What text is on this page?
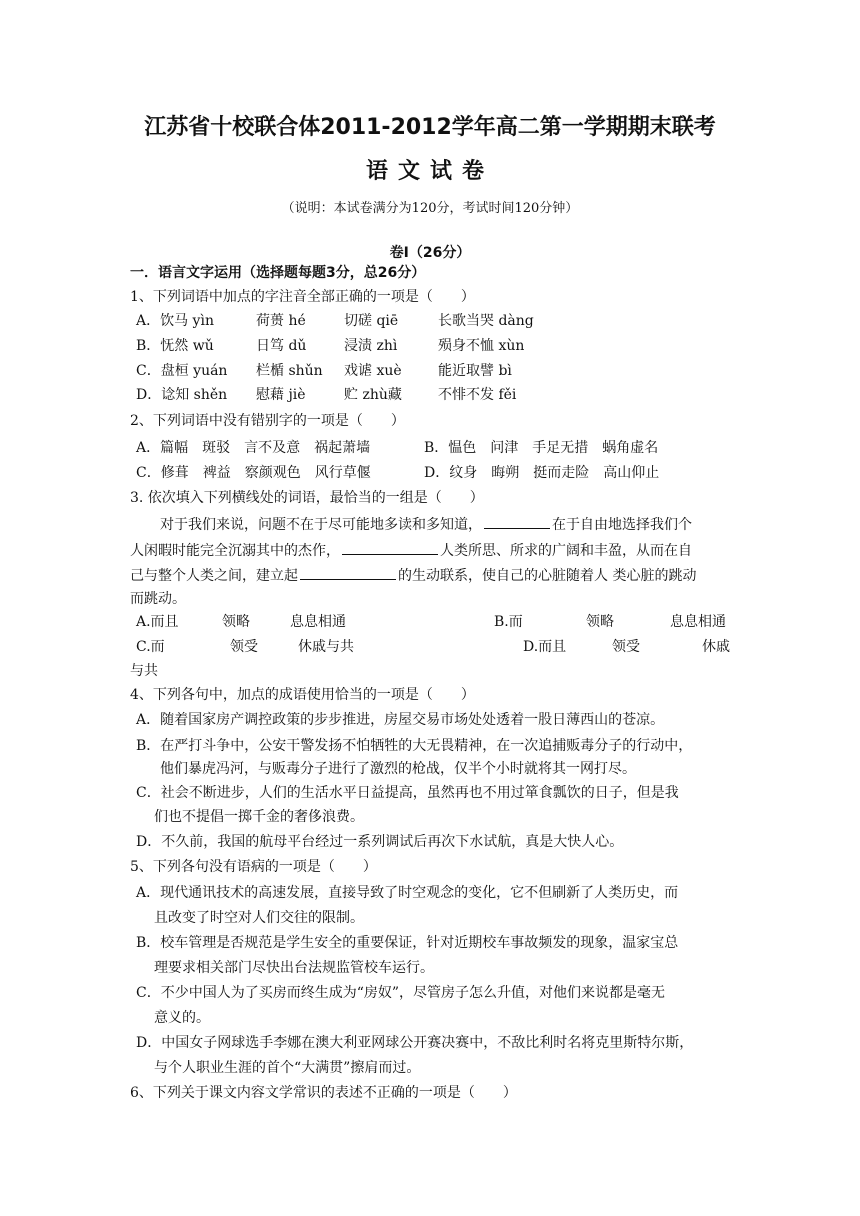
江苏省十校联合体2011-2012学年高二第一学期期末联考
语文试卷
（说明：本试卷满分为120分，考试时间120分钟）
卷Ⅰ（26分）
一．语言文字运用（选择题每题3分，总26分）
1、下列词语中加点的字注音全部正确的一项是（　　）
A．饮马 yìn	荷蒉 hé	切磋 qiē	长歌当哭 dàng
B．怃然 wǔ	日笃 dǔ	浸渍 zhì	殒身不恤 xùn
C．盘桓 yuán 栏楯 shǔn 戏谑 xuè	能近取譬 bì
D．谂知 shěn 慰藉 jiè	贮 zhù藏	不悱不发 fěi
2、下列词语中没有错别字的一项是（　　）
A．篇幅　斑驳　言不及意　祸起萧墙	B．愠色　问津　手足无措　蜗角虚名
C．修葺　裨益　察颜观色　风行草偃	D．纹身　晦朔　挺而走险　高山仰止
3. 依次填入下列横线处的词语，最恰当的一组是（　　）
对于我们来说，问题不在于尽可能地多读和多知道，	在于自由地选择我们个
人闲暇时能完全沉溺其中的杰作，	人类所思、所求的广阔和丰盈，从而在自
己与整个人类之间，建立起	的生动联系，使自己的心脏随着人 类心脏的跳动
而跳动。
A.而且	领略	息息相通	B.而	领略	息息相通
C.而	领受	休戚与共	D.而且	领受	休戚
与共
4、下列各句中，加点的成语使用恰当的一项是（　　）
A．随着国家房产调控政策的步步推进，房屋交易市场处处透着一股日薄西山的苍凉。
B．在严打斗争中，公安干警发扬不怕牺牲的大无畏精神，在一次追捕贩毒分子的行动中，
他们暴虎冯河，与贩毒分子进行了激烈的枪战，仅半个小时就将其一网打尽。
C．社会不断进步，人们的生活水平日益提高，虽然再也不用过箪食瓢饮的日子，但是我
们也不提倡一掷千金的奢侈浪费。
D．不久前，我国的航母平台经过一系列调试后再次下水试航，真是大快人心。
5、下列各句没有语病的一项是（　　）
A．现代通讯技术的高速发展，直接导致了时空观念的变化，它不但刷新了人类历史，而
且改变了时空对人们交往的限制。
B．校车管理是否规范是学生安全的重要保证，针对近期校车事故频发的现象，温家宝总
理要求相关部门尽快出台法规监管校车运行。
C．不少中国人为了买房而终生成为“房奴”，尽管房子怎么升值，对他们来说都是毫无
意义的。
D．中国女子网球选手李娜在澳大利亚网球公开赛决赛中，不敌比利时名将克里斯特尔斯，
与个人职业生涯的首个“大满贯”擦肩而过。
6、下列关于课文内容文学常识的表述不正确的一项是（　　）
